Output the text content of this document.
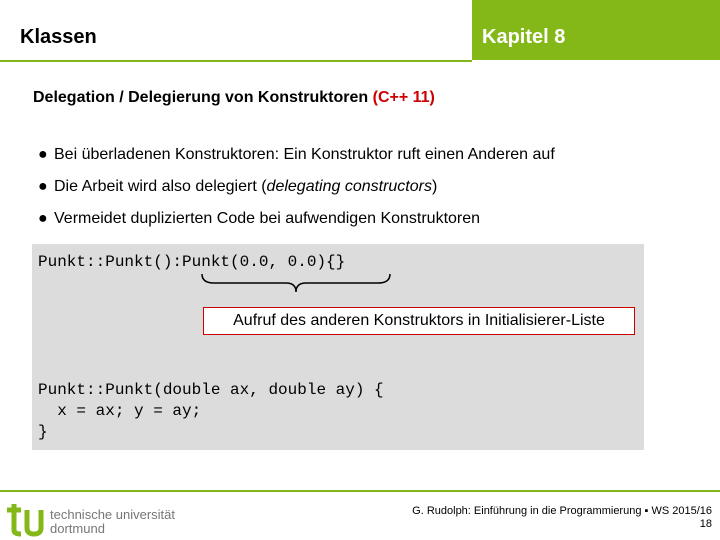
Klassen	Kapitel 8
Delegation / Delegierung von Konstruktoren (C++ 11)
● Bei überladenen Konstruktoren: Ein Konstruktor ruft einen Anderen auf
● Die Arbeit wird also delegiert (delegating constructors)
● Vermeidet duplizierten Code bei aufwendigen Konstruktoren
Punkt::Punkt():Punkt(0.0, 0.0){}
Aufruf des anderen Konstruktors in Initialisierer-Liste
Punkt::Punkt(double ax, double ay) {
x = ax; y = ay;
}
technische universität
dortmund
G. Rudolph: Einführung in die Programmierung ▪ WS 2015/16
18
